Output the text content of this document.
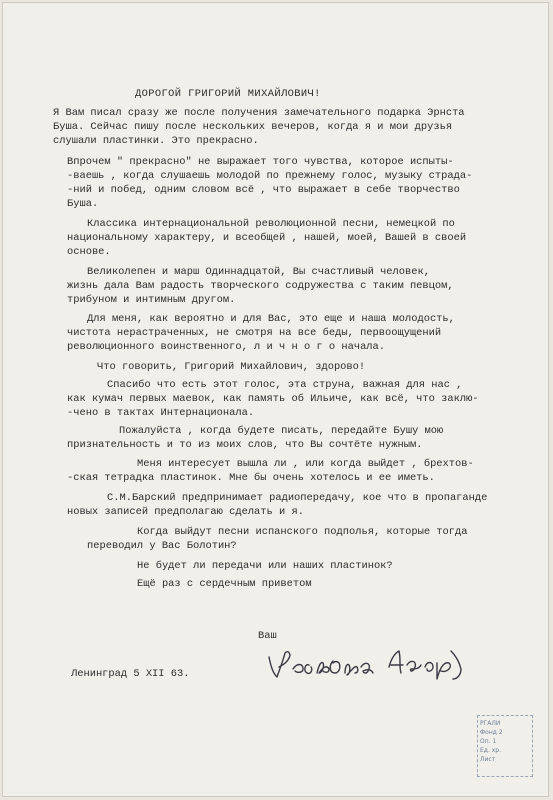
ДОРОГОЙ ГРИГОРИЙ МИХАЙЛОВИЧ!
Я Вам писал сразу же после получения замечательного подарка Эрнста
Буша. Сейчас пишу после нескольких вечеров, когда я и мои друзья
слушали пластинки. Это прекрасно.
Впрочем " прекрасно" не выражает того чувства, которое испыты-
-ваешь , когда слушаешь молодой по прежнему голос, музыку страда-
-ний и побед, одним словом всё , что выражает в себе творчество
Буша.
Классика интернациональной революционной песни, немецкой по
национальному характеру, и всеобщей , нашей, моей, Вашей в своей
основе.
Великолепен и марш Одиннадцатой, Вы счастливый человек,
жизнь дала Вам радость творческого содружества с таким певцом,
трибуном и интимным другом.
Для меня, как вероятно и для Вас, это еще и наша молодость,
чистота нерастраченных, не смотря на все беды, первоощущений
революционного воинственного, л и ч н о г о начала.
Что говорить, Григорий Михайлович, здорово!
Спасибо что есть этот голос, эта струна, важная для нас ,
как кумач первых маевок, как память об Ильиче, как всё, что заклю-
-чено в тактах Интернационала.
Пожалуйста , когда будете писать, передайте Бушу мою
признательность и то из моих слов, что Вы сочтёте нужным.
Меня интересует вышла ли , или когда выйдет , брехтов-
-ская тетрадка пластинок. Мне бы очень хотелось и ее иметь.
С.М.Барский предпринимает радиопередачу, кое что в пропаганде
новых записей предполагаю сделать и я.
Когда выйдут песни испанского подполья, которые тогда
переводил у Вас Болотин?
Не будет ли передачи или наших пластинок?
Ещё раз с сердечным приветом
Ваш
Ленинград 5 XII 63.
Всеволод Азаров
РГАЛИ
Фонд 2
Оп. 1
Ед. хр.
Лист
